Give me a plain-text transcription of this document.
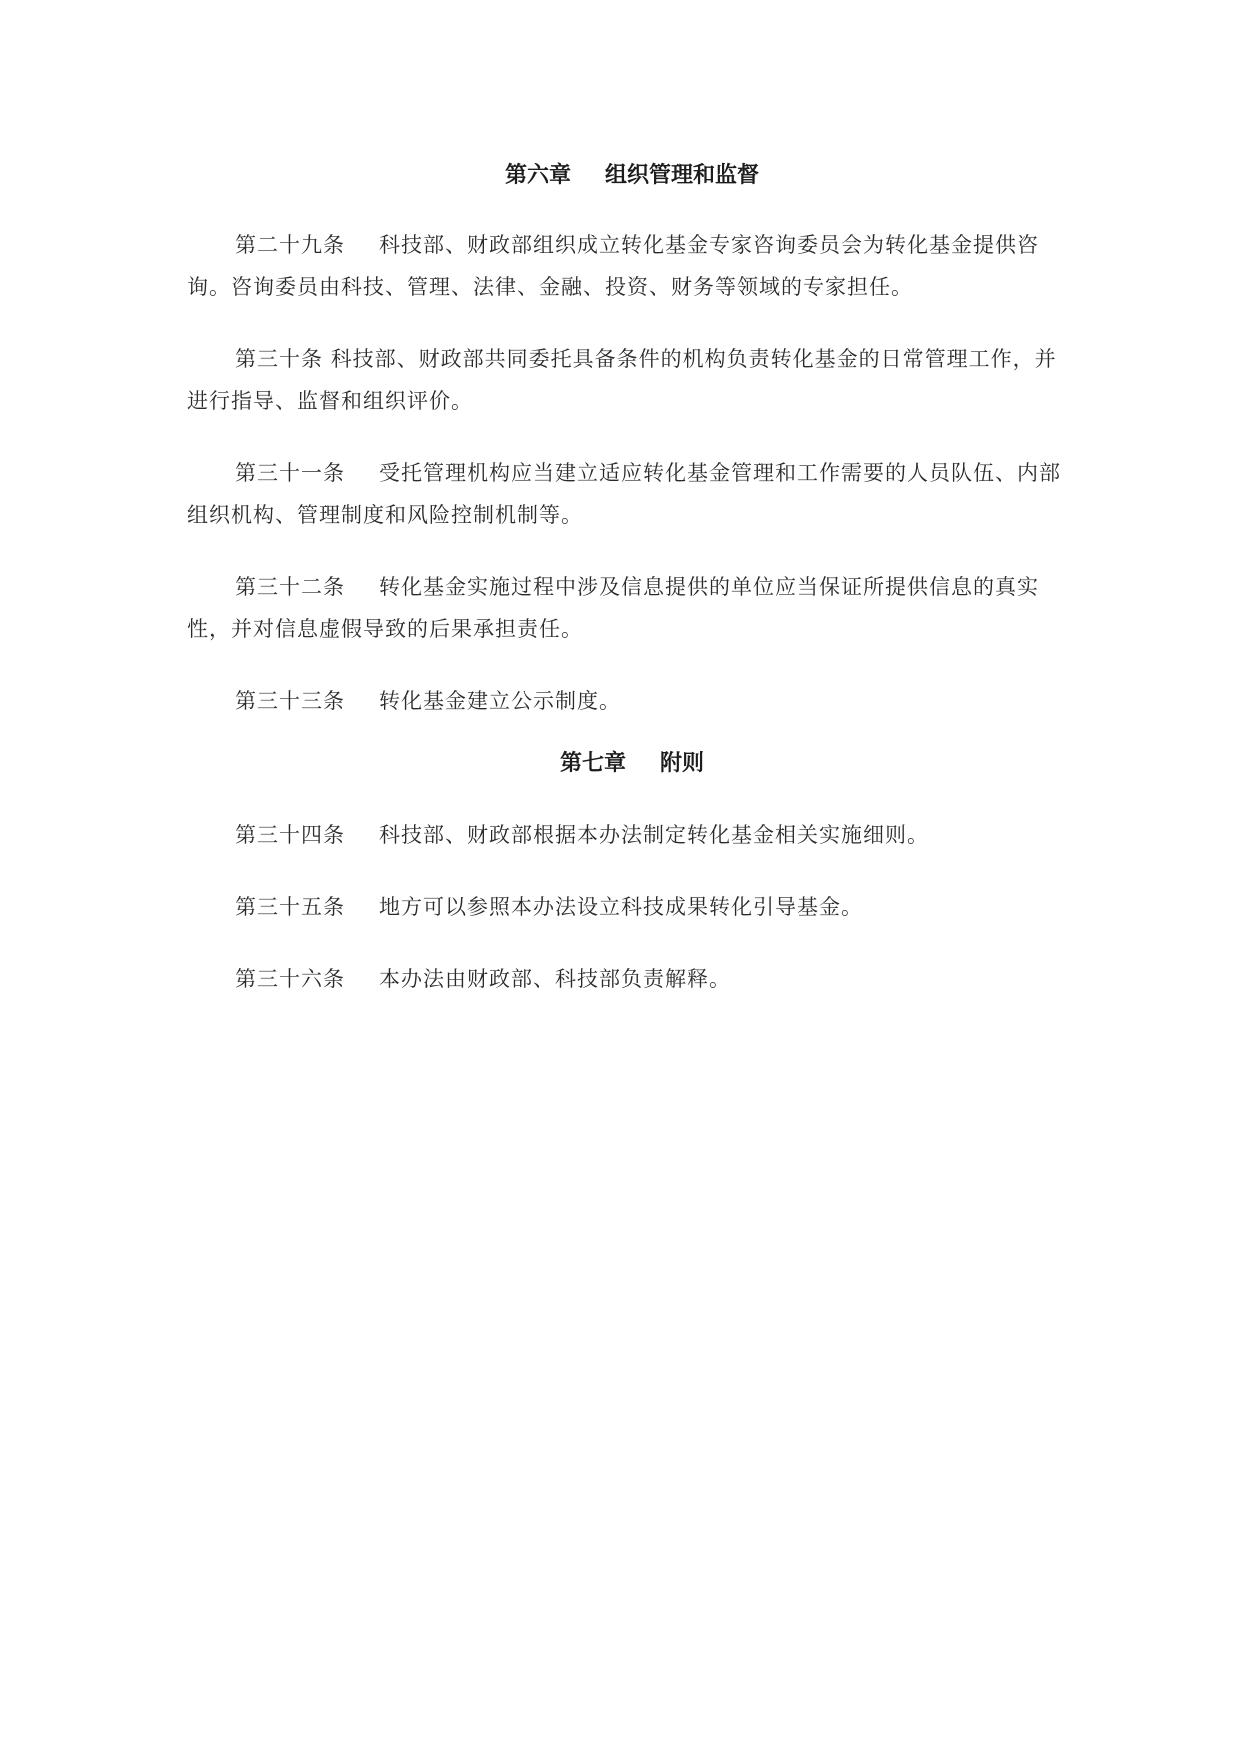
第六章 组织管理和监督

第二十九条 科技部、财政部组织成立转化基金专家咨询委员会为转化基金提供咨询。咨询委员由科技、管理、法律、金融、投资、财务等领域的专家担任。

第三十条 科技部、财政部共同委托具备条件的机构负责转化基金的日常管理工作，并进行指导、监督和组织评价。

第三十一条 受托管理机构应当建立适应转化基金管理和工作需要的人员队伍、内部组织机构、管理制度和风险控制机制等。

第三十二条 转化基金实施过程中涉及信息提供的单位应当保证所提供信息的真实性，并对信息虚假导致的后果承担责任。

第三十三条 转化基金建立公示制度。

第七章 附则

第三十四条 科技部、财政部根据本办法制定转化基金相关实施细则。

第三十五条 地方可以参照本办法设立科技成果转化引导基金。

第三十六条 本办法由财政部、科技部负责解释。
